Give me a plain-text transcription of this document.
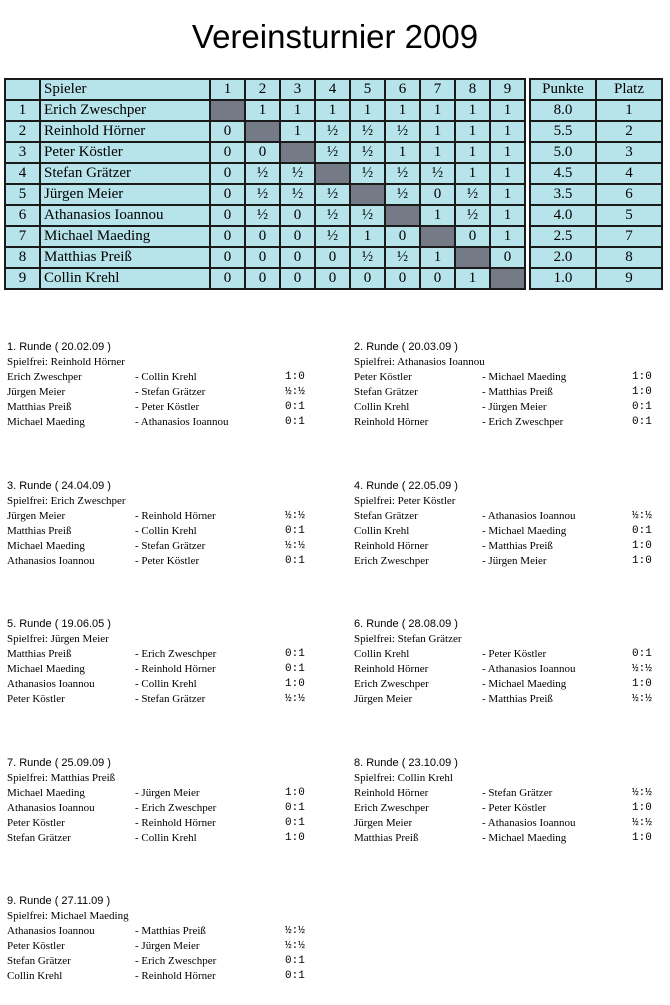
Vereinsturnier 2009
	Spieler	1	2	3	4	5	6	7	8	9		Punkte	Platz
1	Erich Zweschper		1	1	1	1	1	1	1	1		8.0	1
2	Reinhold Hörner	0		1	½	½	½	1	1	1		5.5	2
3	Peter Köstler	0	0		½	½	1	1	1	1		5.0	3
4	Stefan Grätzer	0	½	½		½	½	½	1	1		4.5	4
5	Jürgen Meier	0	½	½	½		½	0	½	1		3.5	6
6	Athanasios Ioannou	0	½	0	½	½		1	½	1		4.0	5
7	Michael Maeding	0	0	0	½	1	0		0	1		2.5	7
8	Matthias Preiß	0	0	0	0	½	½	1		0		2.0	8
9	Collin Krehl	0	0	0	0	0	0	0	1			1.0	9
1. Runde ( 20.02.09 )
Spielfrei: Reinhold Hörner
Erich Zweschper	- Collin Krehl	1:0
Jürgen Meier	- Stefan Grätzer	½:½
Matthias Preiß	- Peter Köstler	0:1
Michael Maeding	- Athanasios Ioannou	0:1
2. Runde ( 20.03.09 )
Spielfrei: Athanasios Ioannou
Peter Köstler	- Michael Maeding	1:0
Stefan Grätzer	- Matthias Preiß	1:0
Collin Krehl	- Jürgen Meier	0:1
Reinhold Hörner	- Erich Zweschper	0:1
3. Runde ( 24.04.09 )
Spielfrei: Erich Zweschper
Jürgen Meier	- Reinhold Hörner	½:½
Matthias Preiß	- Collin Krehl	0:1
Michael Maeding	- Stefan Grätzer	½:½
Athanasios Ioannou	- Peter Köstler	0:1
4. Runde ( 22.05.09 )
Spielfrei: Peter Köstler
Stefan Grätzer	- Athanasios Ioannou	½:½
Collin Krehl	- Michael Maeding	0:1
Reinhold Hörner	- Matthias Preiß	1:0
Erich Zweschper	- Jürgen Meier	1:0
5. Runde ( 19.06.05 )
Spielfrei: Jürgen Meier
Matthias Preiß	- Erich Zweschper	0:1
Michael Maeding	- Reinhold Hörner	0:1
Athanasios Ioannou	- Collin Krehl	1:0
Peter Köstler	- Stefan Grätzer	½:½
6. Runde ( 28.08.09 )
Spielfrei: Stefan Grätzer
Collin Krehl	- Peter Köstler	0:1
Reinhold Hörner	- Athanasios Ioannou	½:½
Erich Zweschper	- Michael Maeding	1:0
Jürgen Meier	- Matthias Preiß	½:½
7. Runde ( 25.09.09 )
Spielfrei: Matthias Preiß
Michael Maeding	- Jürgen Meier	1:0
Athanasios Ioannou	- Erich Zweschper	0:1
Peter Köstler	- Reinhold Hörner	0:1
Stefan Grätzer	- Collin Krehl	1:0
8. Runde ( 23.10.09 )
Spielfrei: Collin Krehl
Reinhold Hörner	- Stefan Grätzer	½:½
Erich Zweschper	- Peter Köstler	1:0
Jürgen Meier	- Athanasios Ioannou	½:½
Matthias Preiß	- Michael Maeding	1:0
9. Runde ( 27.11.09 )
Spielfrei: Michael Maeding
Athanasios Ioannou	- Matthias Preiß	½:½
Peter Köstler	- Jürgen Meier	½:½
Stefan Grätzer	- Erich Zweschper	0:1
Collin Krehl	- Reinhold Hörner	0:1
